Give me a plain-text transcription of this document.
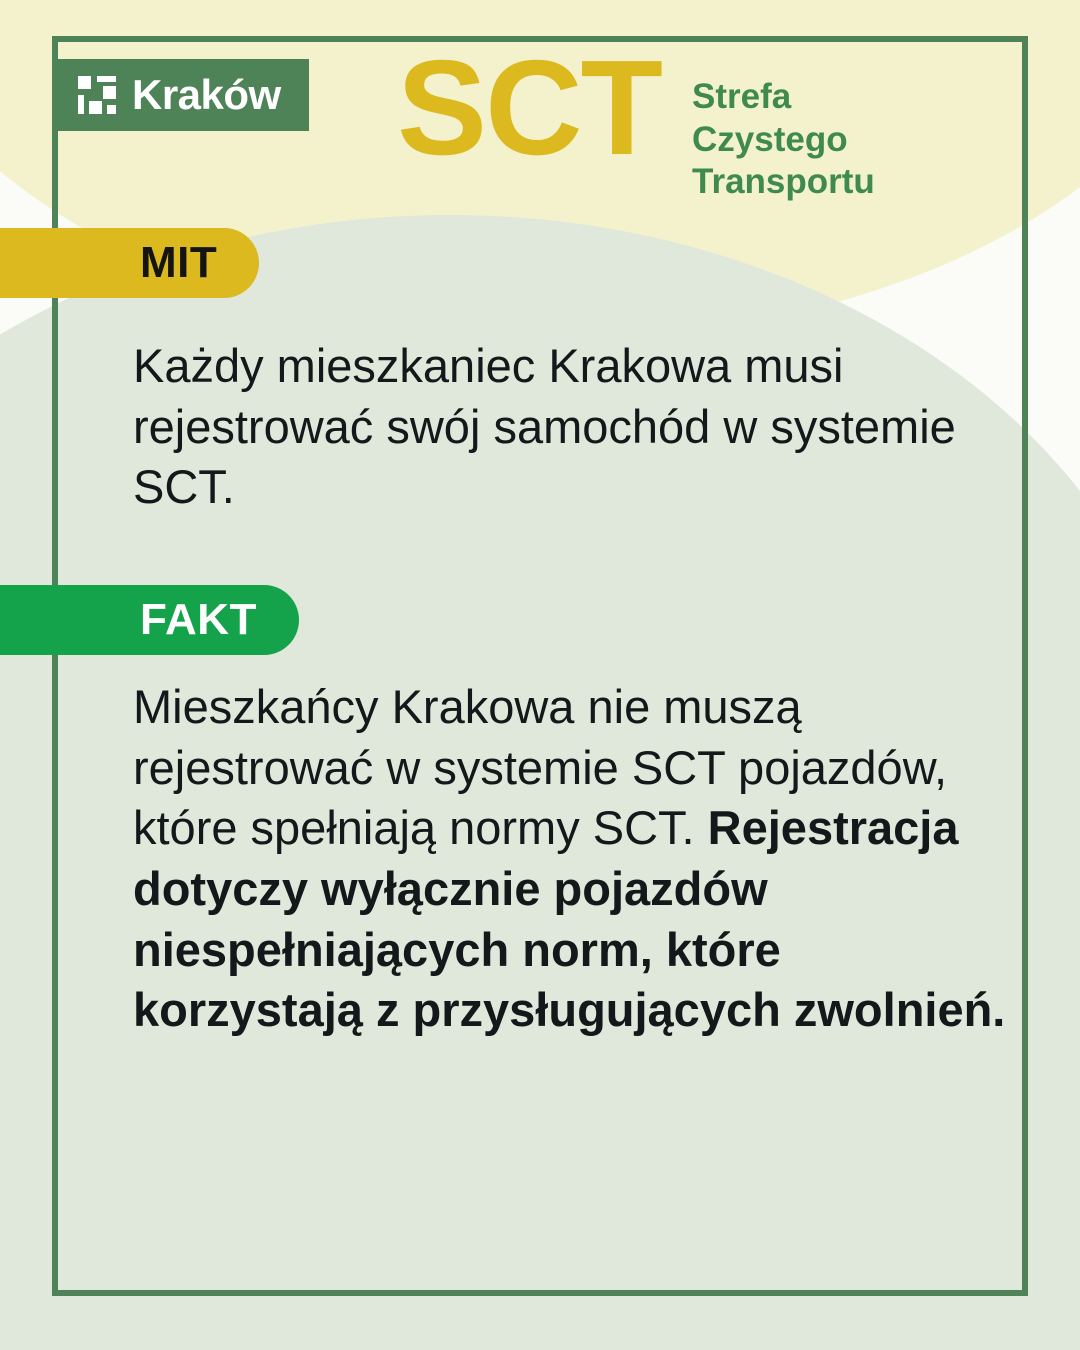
Kraków SCT Strefa
Czystego
Transportu
MIT
Każdy mieszkaniec Krakowa musi rejestrować swój samochód w systemie SCT.
FAKT
Mieszkańcy Krakowa nie muszą rejestrować w systemie SCT pojazdów, które spełniają normy SCT. Rejestracja dotyczy wyłącznie pojazdów niespełniających norm, które korzystają z przysługujących zwolnień.
